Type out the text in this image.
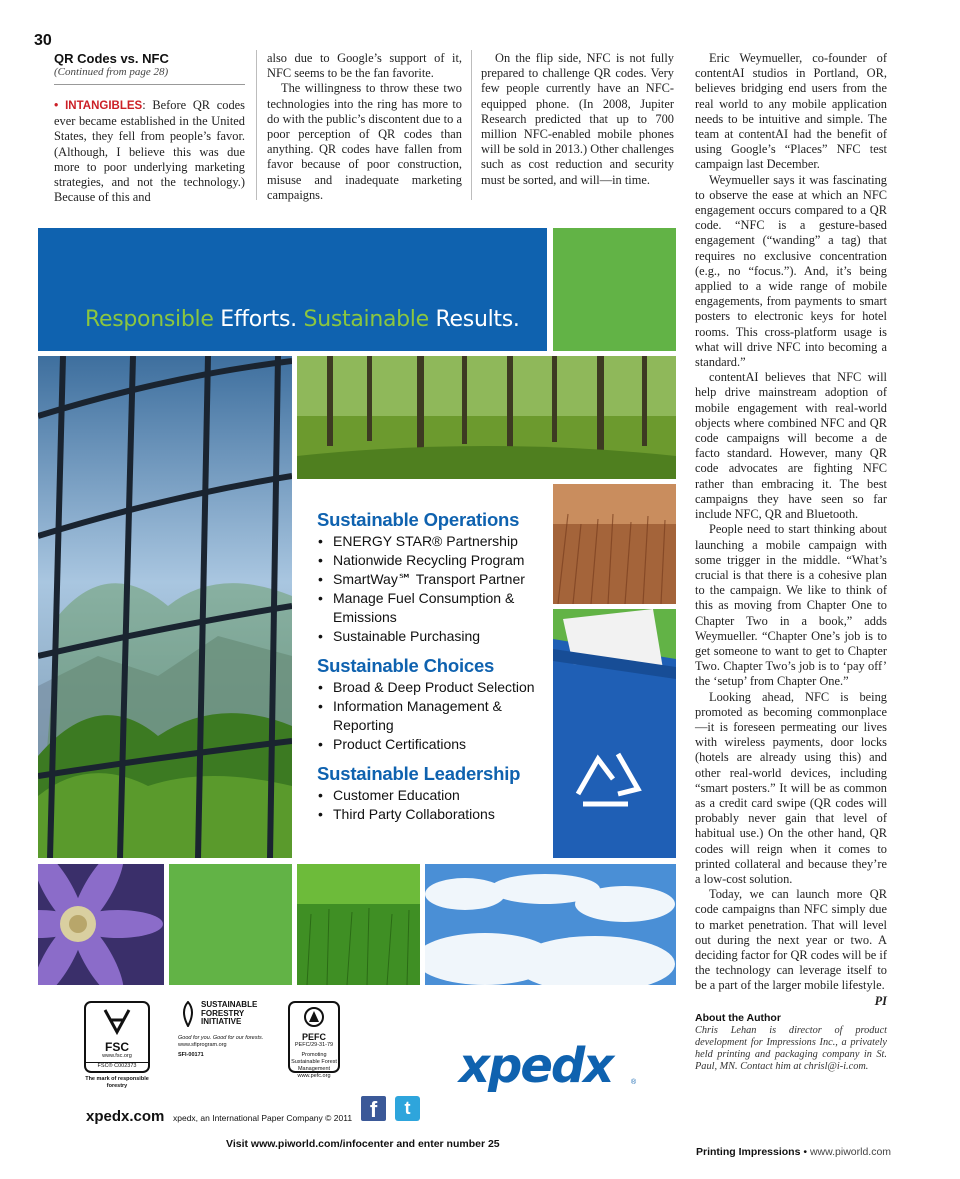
30
QR Codes vs. NFC
(Continued from page 28)

• INTANGIBLES: Before QR codes ever became established in the United States, they fell from people’s favor. (Although, I believe this was due more to poor underlying marketing strategies, and not the technology.) Because of this and

also due to Google’s support of it, NFC seems to be the fan favorite.

The willingness to throw these two technologies into the ring has more to do with the public’s discontent due to a poor perception of QR codes than anything. QR codes have fallen from favor because of poor construction, misuse and inadequate marketing campaigns.

On the flip side, NFC is not fully prepared to challenge QR codes. Very few people currently have an NFC-equipped phone. (In 2008, Jupiter Research predicted that up to 700 million NFC-enabled mobile phones will be sold in 2013.) Other challenges such as cost reduction and security must be sorted, and will—in time.

Eric Weymueller, co-founder of contentAI studios in Portland, OR, believes bridging end users from the real world to any mobile application needs to be intuitive and simple. The team at contentAI had the benefit of using Google’s “Places” NFC test campaign last December.

Weymueller says it was fascinating to observe the ease at which an NFC engagement occurs compared to a QR code. “NFC is a gesture-based engagement (“wanding” a tag) that requires no exclusive concentration (e.g., no “focus.”). And, it’s being applied to a wide range of mobile engagements, from payments to smart posters to electronic keys for hotel rooms. This cross-platform usage is what will drive NFC into becoming a standard.”

contentAI believes that NFC will help drive mainstream adoption of mobile engagement with real-world objects where combined NFC and QR code campaigns will become a de facto standard. However, many QR code advocates are fighting NFC rather than embracing it. The best campaigns they have seen so far include NFC, QR and Bluetooth.

People need to start thinking about launching a mobile campaign with some trigger in the middle. “What’s crucial is that there is a cohesive plan to the campaign. We like to think of this as moving from Chapter One to Chapter Two in a book,” adds Weymueller. “Chapter One’s job is to get someone to want to get to Chapter Two. Chapter Two’s job is to ‘pay off’ the ‘setup’ from Chapter One.”

Looking ahead, NFC is being promoted as becoming commonplace—it is foreseen permeating our lives with wireless payments, door locks (hotels are already using this) and other real-world devices, including “smart posters.” It will be as common as a credit card swipe (QR codes will probably never gain that level of habitual use.) On the other hand, QR codes will reign when it comes to printed collateral and because they’re a low-cost solution.

Today, we can launch more QR code campaigns than NFC simply due to market penetration. That will level out during the next year or two. A deciding factor for QR codes will be if the technology can leverage itself to be a part of the larger mobile lifestyle.
PI

About the Author
Chris Lehan is director of product development for Impressions Inc., a privately held printing and packaging company in St. Paul, MN. Contact him at chrisl@i-i.com.
Responsible Efforts. Sustainable Results.
Sustainable Operations
• ENERGY STAR® Partnership
• Nationwide Recycling Program
• SmartWay℠ Transport Partner
• Manage Fuel Consumption & Emissions
• Sustainable Purchasing
Sustainable Choices
• Broad & Deep Product Selection
• Information Management & Reporting
• Product Certifications
Sustainable Leadership
• Customer Education
• Third Party Collaborations
FSC
www.fsc.org
FSC® C002373
The mark of responsible forestry
SUSTAINABLE
FORESTRY
INITIATIVE
Good for you. Good for our forests.
www.sfiprogram.org
SFI-00171
PEFC
PEFC/29-31-79
Promoting Sustainable Forest Management
www.pefc.org	xpedx	®
xpedx.com xpedx, an International Paper Company © 2011 f	t
Visit www.piworld.com/infocenter and enter number 25
Printing Impressions • www.piworld.com
